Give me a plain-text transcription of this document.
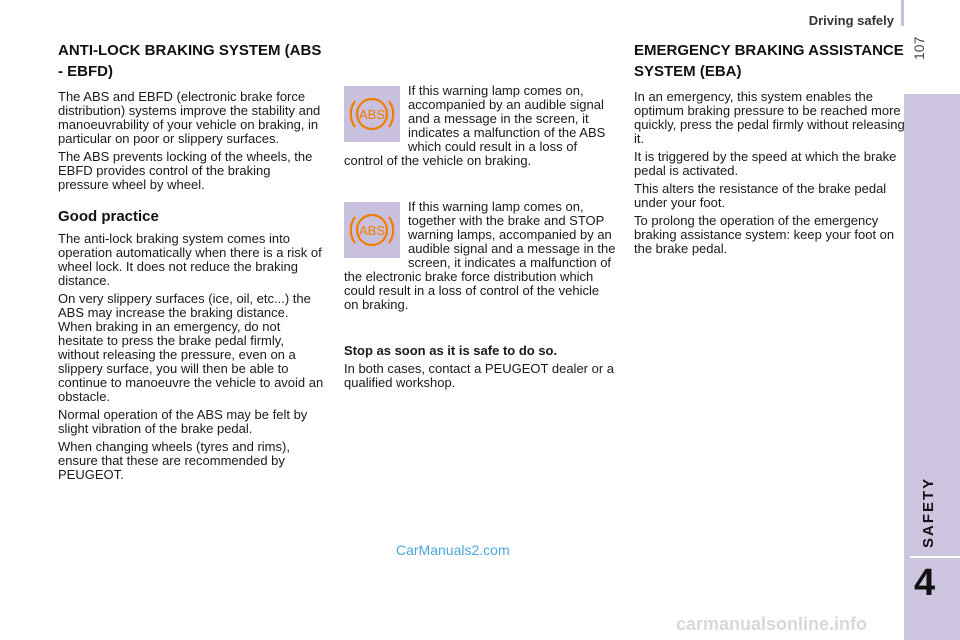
Driving safely
107
SAFETY
4
ANTI-LOCK BRAKING SYSTEM (ABS - EBFD)

The ABS and EBFD (electronic brake force distribution) systems improve the stability and manoeuvrability of your vehicle on braking, in particular on poor or slippery surfaces.

The ABS prevents locking of the wheels, the EBFD provides control of the braking pressure wheel by wheel.

Good practice

The anti-lock braking system comes into operation automatically when there is a risk of wheel lock. It does not reduce the braking distance.

On very slippery surfaces (ice, oil, etc...) the ABS may increase the braking distance. When braking in an emergency, do not hesitate to press the brake pedal firmly, without releasing the pressure, even on a slippery surface, you will then be able to continue to manoeuvre the vehicle to avoid an obstacle.

Normal operation of the ABS may be felt by slight vibration of the brake pedal.

When changing wheels (tyres and rims), ensure that these are recommended by PEUGEOT.

ABS

If this warning lamp comes on, accompanied by an audible signal and a message in the screen, it indicates a malfunction of the ABS which could result in a loss of control of the vehicle on braking.

ABS

If this warning lamp comes on, together with the brake and STOP warning lamps, accompanied by an audible signal and a message in the screen, it indicates a malfunction of the electronic brake force distribution which could result in a loss of control of the vehicle on braking.

Stop as soon as it is safe to do so.

In both cases, contact a PEUGEOT dealer or a qualified workshop.

EMERGENCY BRAKING ASSISTANCE SYSTEM (EBA)

In an emergency, this system enables the optimum braking pressure to be reached more quickly, press the pedal firmly without releasing it.

It is triggered by the speed at which the brake pedal is activated.

This alters the resistance of the brake pedal under your foot.

To prolong the operation of the emergency braking assistance system: keep your foot on the brake pedal.

CarManuals2.com
carmanualsonline.info
